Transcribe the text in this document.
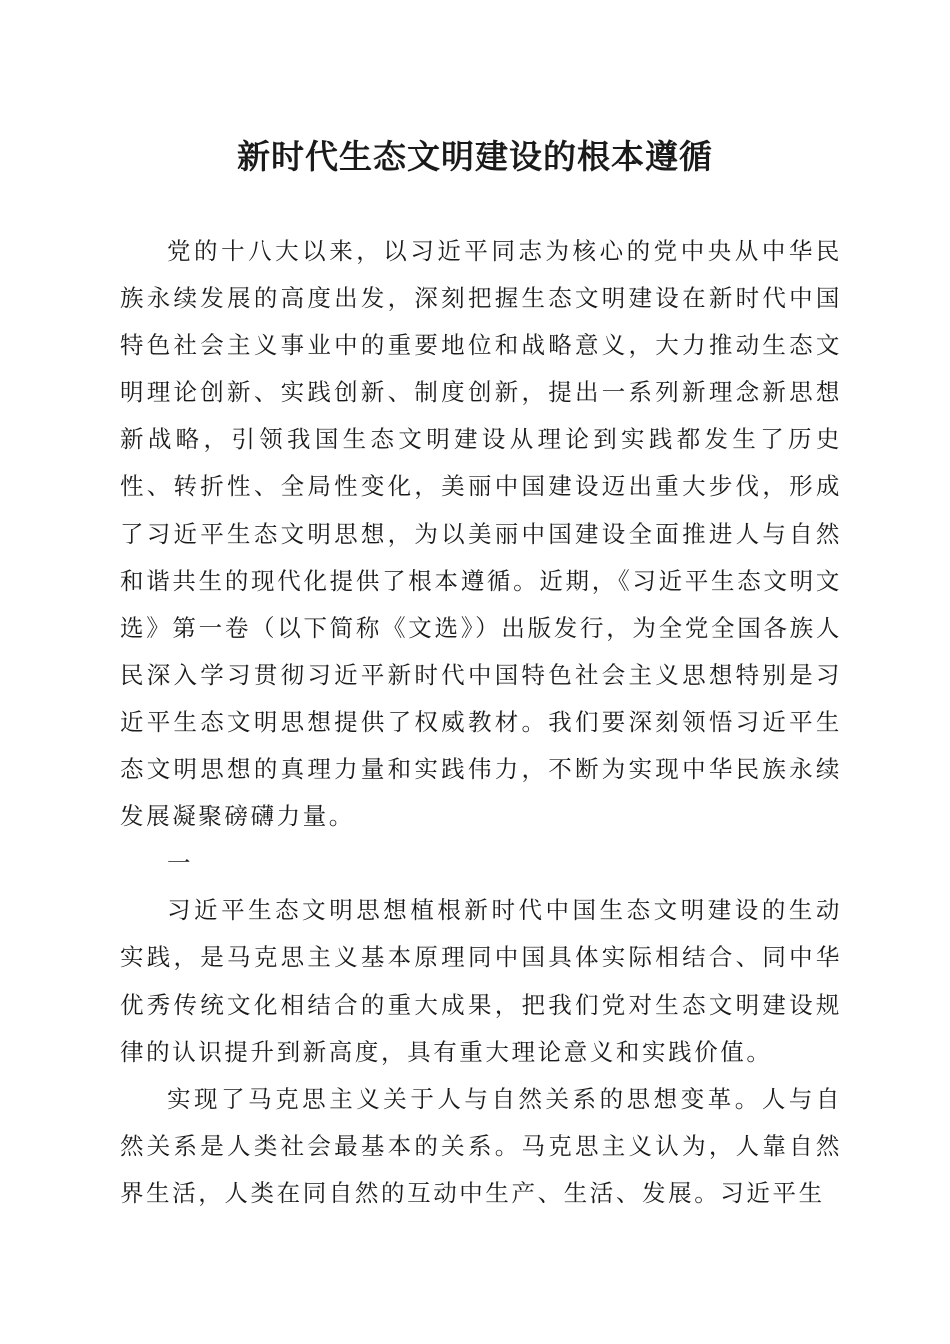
新时代生态文明建设的根本遵循

党的十八大以来，以习近平同志为核心的党中央从中华民族永续发展的高度出发，深刻把握生态文明建设在新时代中国特色社会主义事业中的重要地位和战略意义，大力推动生态文明理论创新、实践创新、制度创新，提出一系列新理念新思想新战略，引领我国生态文明建设从理论到实践都发生了历史性、转折性、全局性变化，美丽中国建设迈出重大步伐，形成了习近平生态文明思想，为以美丽中国建设全面推进人与自然和谐共生的现代化提供了根本遵循。近期，《习近平生态文明文选》第一卷（以下简称《文选》）出版发行，为全党全国各族人民深入学习贯彻习近平新时代中国特色社会主义思想特别是习近平生态文明思想提供了权威教材。我们要深刻领悟习近平生态文明思想的真理力量和实践伟力，不断为实现中华民族永续发展凝聚磅礴力量。

一

习近平生态文明思想植根新时代中国生态文明建设的生动实践，是马克思主义基本原理同中国具体实际相结合、同中华优秀传统文化相结合的重大成果，把我们党对生态文明建设规律的认识提升到新高度，具有重大理论意义和实践价值。

实现了马克思主义关于人与自然关系的思想变革。人与自然关系是人类社会最基本的关系。马克思主义认为，人靠自然界生活，人类在同自然的互动中生产、生活、发展。习近平生
